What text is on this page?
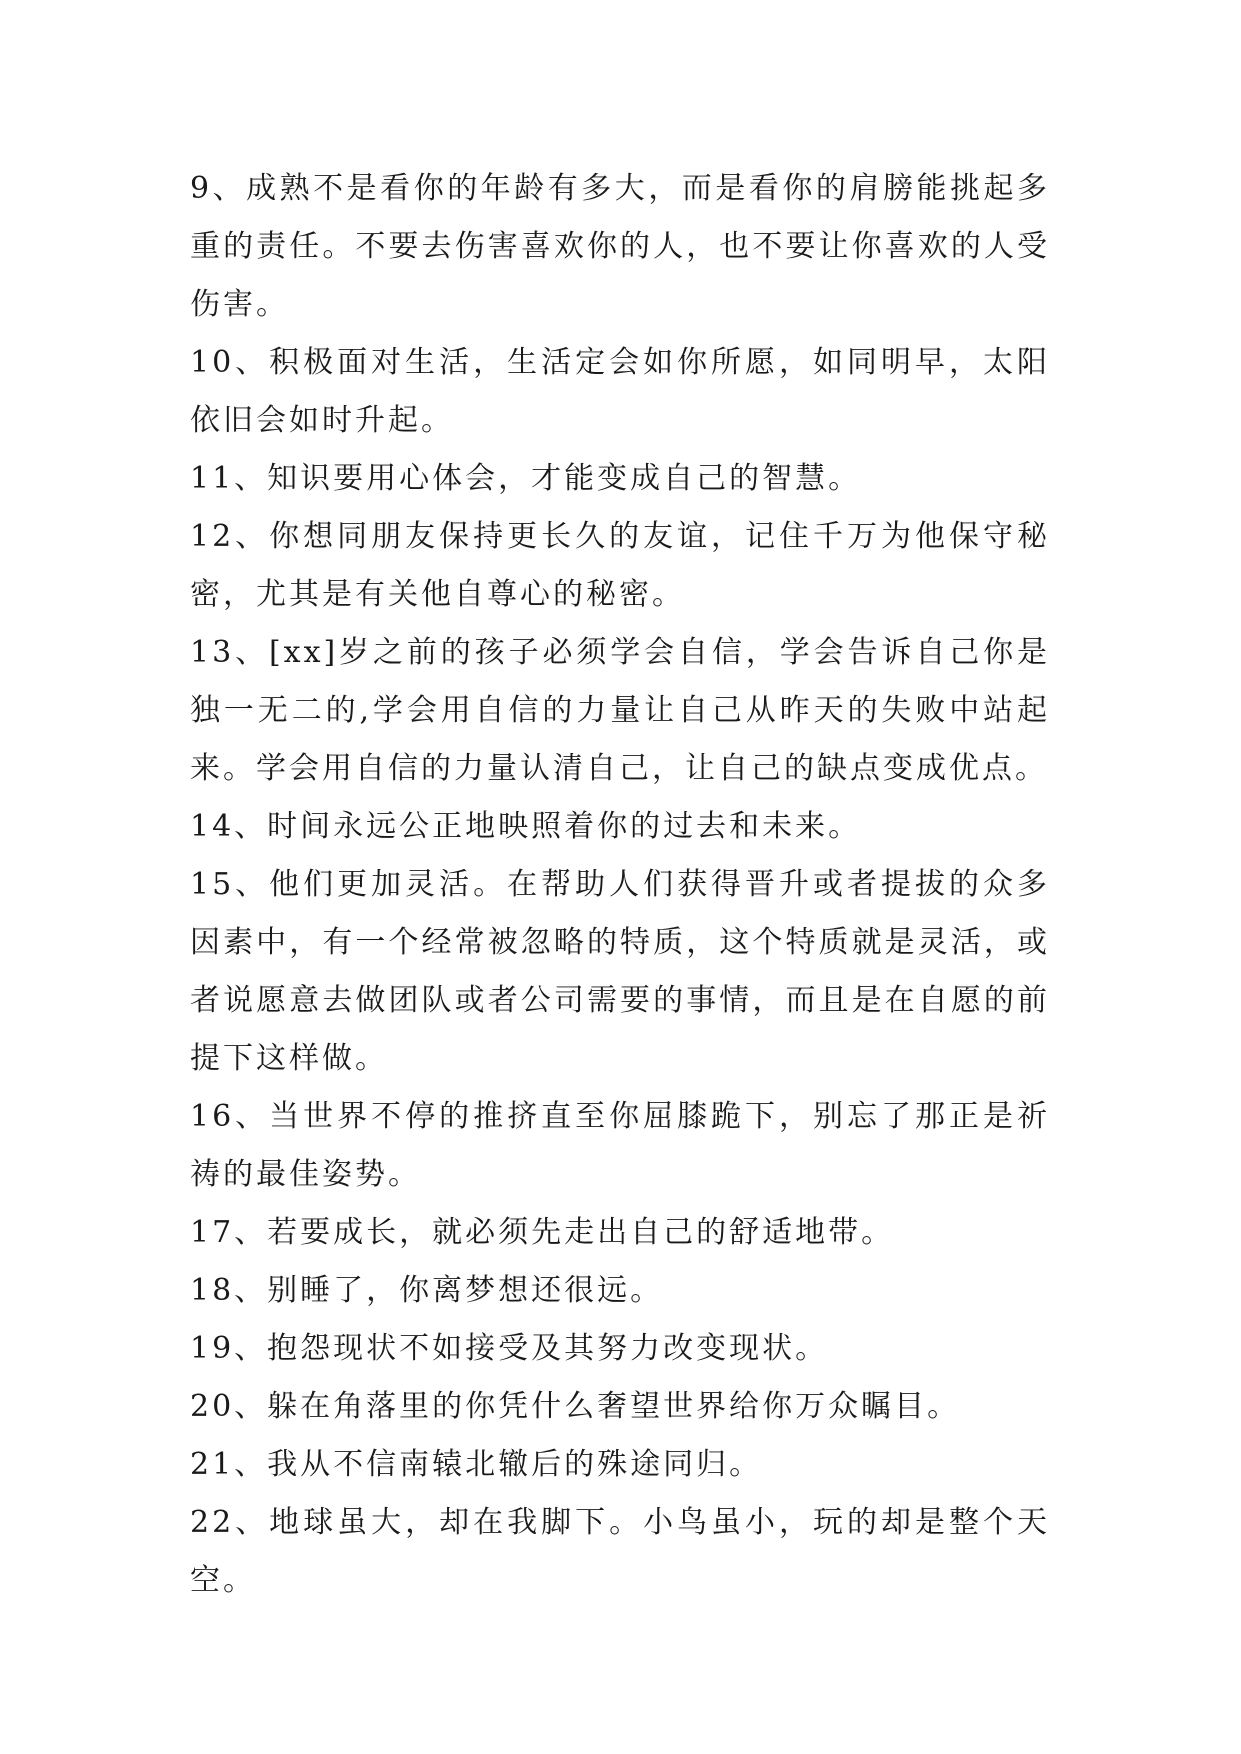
9、成熟不是看你的年龄有多大，而是看你的肩膀能挑起多重的责任。不要去伤害喜欢你的人，也不要让你喜欢的人受伤害。

10、积极面对生活，生活定会如你所愿，如同明早，太阳依旧会如时升起。

11、知识要用心体会，才能变成自己的智慧。

12、你想同朋友保持更长久的友谊，记住千万为他保守秘密，尤其是有关他自尊心的秘密。

13、[xx]岁之前的孩子必须学会自信，学会告诉自己你是独一无二的,学会用自信的力量让自己从昨天的失败中站起来。学会用自信的力量认清自己，让自己的缺点变成优点。

14、时间永远公正地映照着你的过去和未来。

15、他们更加灵活。在帮助人们获得晋升或者提拔的众多因素中，有一个经常被忽略的特质，这个特质就是灵活，或者说愿意去做团队或者公司需要的事情，而且是在自愿的前提下这样做。

16、当世界不停的推挤直至你屈膝跪下，别忘了那正是祈祷的最佳姿势。

17、若要成长，就必须先走出自己的舒适地带。

18、别睡了，你离梦想还很远。

19、抱怨现状不如接受及其努力改变现状。

20、躲在角落里的你凭什么奢望世界给你万众瞩目。

21、我从不信南辕北辙后的殊途同归。

22、地球虽大，却在我脚下。小鸟虽小，玩的却是整个天空。
